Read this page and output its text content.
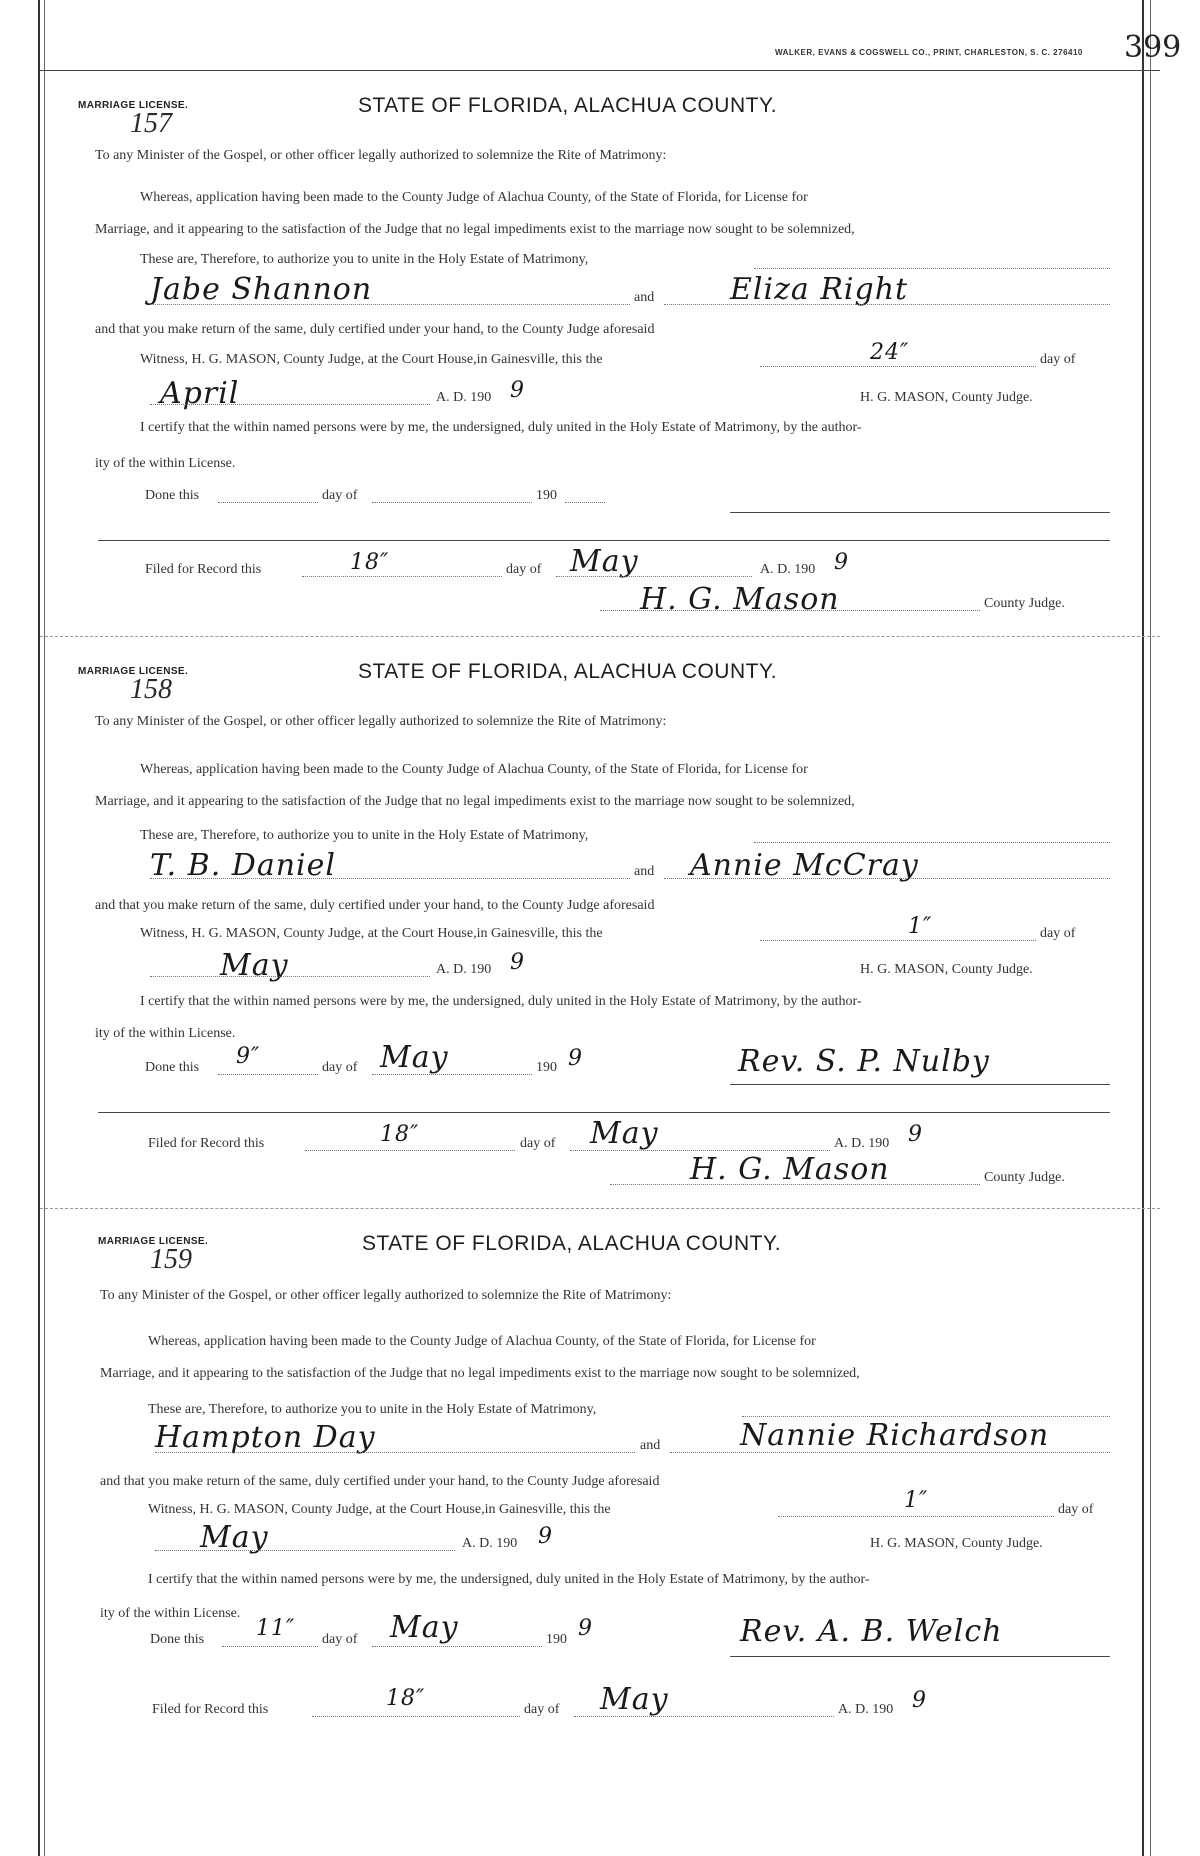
WALKER, EVANS & COGSWELL CO., PRINT, CHARLESTON, S. C. 276410 399
MARRIAGE LICENSE.
157
STATE OF FLORIDA, ALACHUA COUNTY.
To any Minister of the Gospel, or other officer legally authorized to solemnize the Rite of Matrimony:
Whereas, application having been made to the County Judge of Alachua County, of the State of Florida, for License for
Marriage, and it appearing to the satisfaction of the Judge that no legal impediments exist to the marriage now sought to be solemnized,
These are, Therefore, to authorize you to unite in the Holy Estate of Matrimony,
Jabe Shannon	and	Eliza Right
and that you make return of the same, duly certified under your hand, to the County Judge aforesaid
Witness, H. G. MASON, County Judge, at the Court House,in Gainesville, this the	24″	day of
April	A. D. 190 9	H. G. MASON, County Judge.
I certify that the within named persons were by me, the undersigned, duly united in the Holy Estate of Matrimony, by the author-
ity of the within License.
Done this	day of	190
Filed for Record this	18″	day of May	A. D. 190 9
H. G. Mason	County Judge.
MARRIAGE LICENSE.
158
STATE OF FLORIDA, ALACHUA COUNTY.
To any Minister of the Gospel, or other officer legally authorized to solemnize the Rite of Matrimony:
Whereas, application having been made to the County Judge of Alachua County, of the State of Florida, for License for
Marriage, and it appearing to the satisfaction of the Judge that no legal impediments exist to the marriage now sought to be solemnized,
These are, Therefore, to authorize you to unite in the Holy Estate of Matrimony,
T. B. Daniel	and Annie McCray
and that you make return of the same, duly certified under your hand, to the County Judge aforesaid
Witness, H. G. MASON, County Judge, at the Court House,in Gainesville, this the	1″	day of
May	A. D. 190 9	H. G. MASON, County Judge.
I certify that the within named persons were by me, the undersigned, duly united in the Holy Estate of Matrimony, by the author-
ity of the within License.
Done this 9″	day of May	190 9	Rev. S. P. Nulby
Filed for Record this	18″	day of May	A. D. 190 9
H. G. Mason	County Judge.
MARRIAGE LICENSE.
159
STATE OF FLORIDA, ALACHUA COUNTY.
To any Minister of the Gospel, or other officer legally authorized to solemnize the Rite of Matrimony:
Whereas, application having been made to the County Judge of Alachua County, of the State of Florida, for License for
Marriage, and it appearing to the satisfaction of the Judge that no legal impediments exist to the marriage now sought to be solemnized,
These are, Therefore, to authorize you to unite in the Holy Estate of Matrimony,
Hampton Day	and	Nannie Richardson
and that you make return of the same, duly certified under your hand, to the County Judge aforesaid
Witness, H. G. MASON, County Judge, at the Court House,in Gainesville, this the	1″	day of
May	A. D. 190 9	H. G. MASON, County Judge.
I certify that the within named persons were by me, the undersigned, duly united in the Holy Estate of Matrimony, by the author-
ity of the within License.
Done this 11″ day of May	190 9	Rev. A. B. Welch
Filed for Record this	18″	day of May	A. D. 190 9
